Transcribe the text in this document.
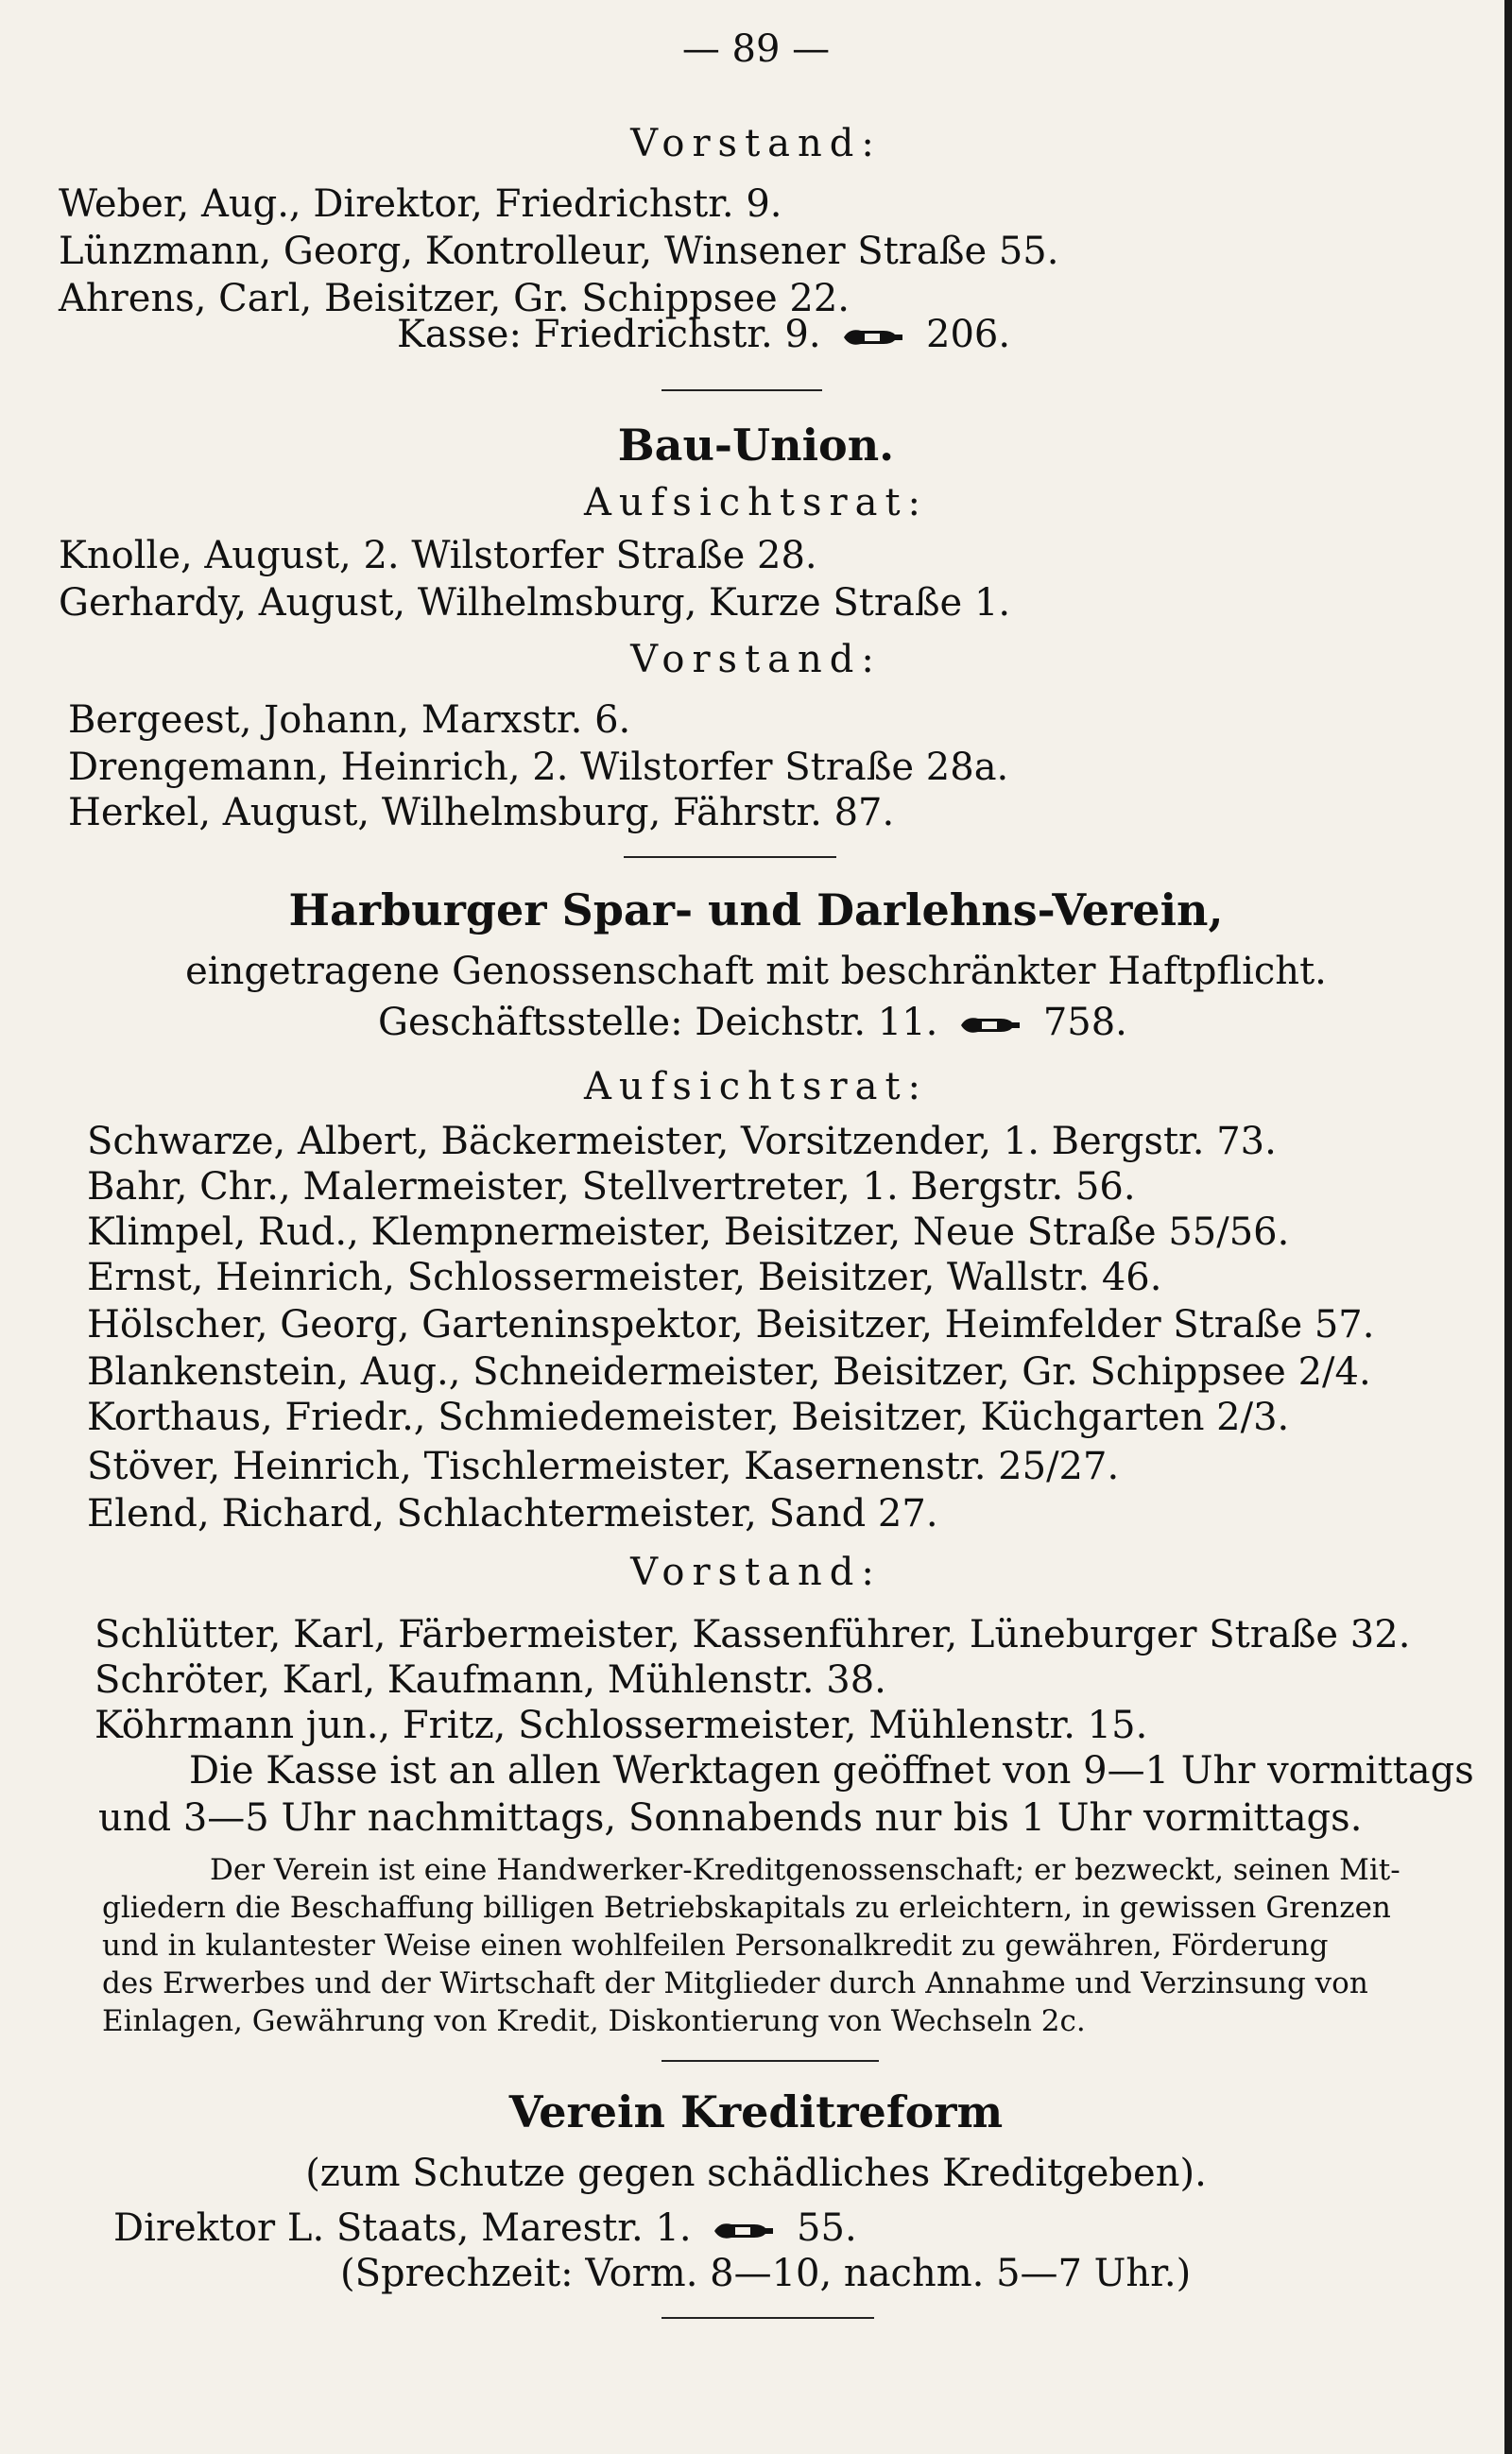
— 89 —
Vorstand:
Weber, Aug., Direktor, Friedrichstr. 9.
Lünzmann, Georg, Kontrolleur, Winsener Straße 55.
Ahrens, Carl, Beisitzer, Gr. Schippsee 22.
Kasse: Friedrichstr. 9.	206.
Bau-Union.
Aufsichtsrat:
Knolle, August, 2. Wilstorfer Straße 28.
Gerhardy, August, Wilhelmsburg, Kurze Straße 1.
Vorstand:
Bergeest, Johann, Marxstr. 6.
Drengemann, Heinrich, 2. Wilstorfer Straße 28a.
Herkel, August, Wilhelmsburg, Fährstr. 87.
Harburger Spar- und Darlehns-Verein,
eingetragene Genossenschaft mit beschränkter Haftpflicht.
Geschäftsstelle: Deichstr. 11.	758.
Aufsichtsrat:
Schwarze, Albert, Bäckermeister, Vorsitzender, 1. Bergstr. 73.
Bahr, Chr., Malermeister, Stellvertreter, 1. Bergstr. 56.
Klimpel, Rud., Klempnermeister, Beisitzer, Neue Straße 55/56.
Ernst, Heinrich, Schlossermeister, Beisitzer, Wallstr. 46.
Hölscher, Georg, Garteninspektor, Beisitzer, Heimfelder Straße 57.
Blankenstein, Aug., Schneidermeister, Beisitzer, Gr. Schippsee 2/4.
Korthaus, Friedr., Schmiedemeister, Beisitzer, Küchgarten 2/3.
Stöver, Heinrich, Tischlermeister, Kasernenstr. 25/27.
Elend, Richard, Schlachtermeister, Sand 27.
Vorstand:
Schlütter, Karl, Färbermeister, Kassenführer, Lüneburger Straße 32.
Schröter, Karl, Kaufmann, Mühlenstr. 38.
Köhrmann jun., Fritz, Schlossermeister, Mühlenstr. 15.
Die Kasse ist an allen Werktagen geöffnet von 9—1 Uhr vormittags
und 3—5 Uhr nachmittags, Sonnabends nur bis 1 Uhr vormittags.
Der Verein ist eine Handwerker-Kreditgenossenschaft; er bezweckt, seinen Mit-
gliedern die Beschaffung billigen Betriebskapitals zu erleichtern, in gewissen Grenzen
und in kulantester Weise einen wohlfeilen Personalkredit zu gewähren, Förderung
des Erwerbes und der Wirtschaft der Mitglieder durch Annahme und Verzinsung von
Einlagen, Gewährung von Kredit, Diskontierung von Wechseln 2c.
Verein Kreditreform
(zum Schutze gegen schädliches Kreditgeben).
Direktor L. Staats, Marestr. 1.	55.
(Sprechzeit: Vorm. 8—10, nachm. 5—7 Uhr.)
